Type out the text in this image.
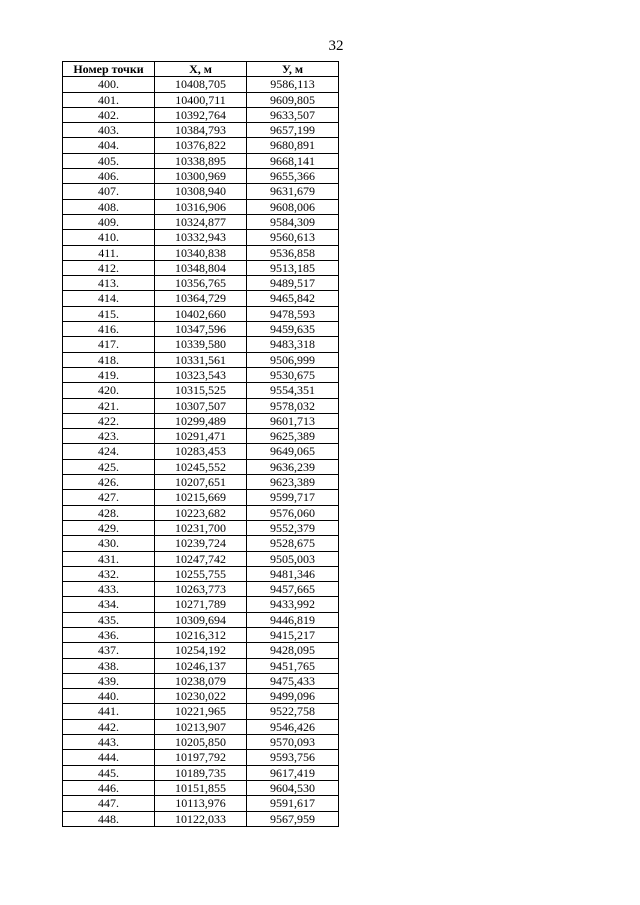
32
Номер точки	Х, м	У, м
400.	10408,705	9586,113
401.	10400,711	9609,805
402.	10392,764	9633,507
403.	10384,793	9657,199
404.	10376,822	9680,891
405.	10338,895	9668,141
406.	10300,969	9655,366
407.	10308,940	9631,679
408.	10316,906	9608,006
409.	10324,877	9584,309
410.	10332,943	9560,613
411.	10340,838	9536,858
412.	10348,804	9513,185
413.	10356,765	9489,517
414.	10364,729	9465,842
415.	10402,660	9478,593
416.	10347,596	9459,635
417.	10339,580	9483,318
418.	10331,561	9506,999
419.	10323,543	9530,675
420.	10315,525	9554,351
421.	10307,507	9578,032
422.	10299,489	9601,713
423.	10291,471	9625,389
424.	10283,453	9649,065
425.	10245,552	9636,239
426.	10207,651	9623,389
427.	10215,669	9599,717
428.	10223,682	9576,060
429.	10231,700	9552,379
430.	10239,724	9528,675
431.	10247,742	9505,003
432.	10255,755	9481,346
433.	10263,773	9457,665
434.	10271,789	9433,992
435.	10309,694	9446,819
436.	10216,312	9415,217
437.	10254,192	9428,095
438.	10246,137	9451,765
439.	10238,079	9475,433
440.	10230,022	9499,096
441.	10221,965	9522,758
442.	10213,907	9546,426
443.	10205,850	9570,093
444.	10197,792	9593,756
445.	10189,735	9617,419
446.	10151,855	9604,530
447.	10113,976	9591,617
448.	10122,033	9567,959
